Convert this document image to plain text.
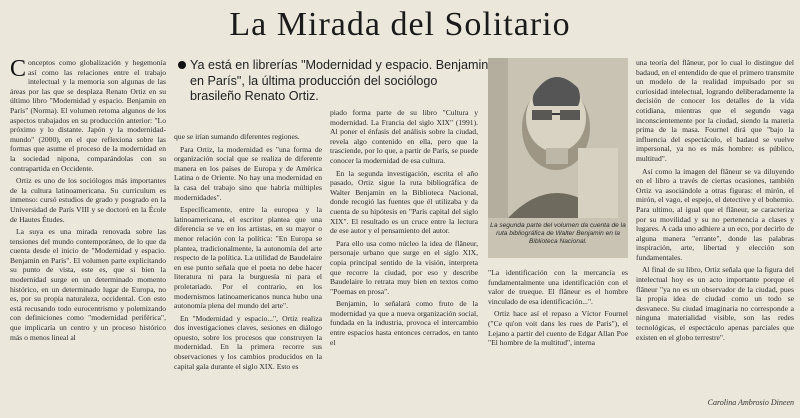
La Mirada del Solitario
Ya está en librerías "Modernidad y espacio. Benjamin en París", la última producción del sociólogo brasileño Renato Ortiz.

Conceptos como globalización y hegemonía así como las relaciones entre el trabajo intelectual y la memoria son algunas de las áreas por las que se desplaza Renato Ortiz en su último libro "Modernidad y espacio. Benjamin en París" (Norma). El volumen retoma algunos de los aspectos trabajados en su producción anterior: "Lo próximo y lo distante. Japón y la modernidad-mundo" (2000), en el que reflexiona sobre las formas que asume el proceso de la modernidad en la sociedad nipona, comparándolas con su contrapartida en Occidente.

Ortiz es uno de los sociólogos más importantes de la cultura latinoamericana. Su curriculum es inmenso: cursó estudios de grado y posgrado en la Universidad de París VIII y se doctoró en la École de Hautes Études.

La suya es una mirada renovada sobre las tensiones del mundo contemporáneo, de lo que da cuenta desde el inicio de "Modernidad y espacio. Benjamin en París". El volumen parte explicitando su punto de vista, este es, que si bien la modernidad surge en un determinado momento histórico, en un determinado lugar de Europa, no es, por su propia naturaleza, occidental. Con esto está recusando todo eurocentrismo y polemizando con definiciones como "modernidad periférica", que implicaría un centro y un proceso histórico más o menos lineal al

que se irían sumando diferentes regiones.

Para Ortiz, la modernidad es "una forma de organización social que se realiza de diferente manera en los países de Europa y de América Latina o de Oriente. No hay una modernidad en la casa del trabajo sino que habría múltiples modernidades".

Específicamente, entre la europea y la latinoamericana, el escritor plantea que una diferencia se ve en los artistas, en su mayor o menor relación con la política: "En Europa se plantea, tradicionalmente, la autonomía del arte respecto de la política. La utilidad de Baudelaire en ese punto señala que el poeta no debe hacer literatura ni para la burguesía ni para el proletariado. Por el contrario, en los modernismos latinoamericanos nunca hubo una autonomía plena del mundo del arte".

En "Modernidad y espacio...", Ortiz realiza dos investigaciones claves, sesiones en diálogo opuesto, sobre los procesos que construyen la modernidad. En la primera recorre sus observaciones y los cambios producidos en la capital gala durante el siglo XIX. Esto es

piado forma parte de su libro "Cultura y modernidad. La Francia del siglo XIX" (1991). Al poner el énfasis del análisis sobre la ciudad, revela algo contenido en ella, pero que la trasciende, por lo que, a partir de París, se puede conocer la modernidad de esa cultura.

En la segunda investigación, escrita el año pasado, Ortiz sigue la ruta bibliográfica de Walter Benjamin en la Biblioteca Nacional, donde recogió las fuentes que él utilizaba y da cuenta de su hipótesis en "París capital del siglo XIX". El resultado es un cruce entre la lectura de ese autor y el pensamiento del autor.

Para ello usa como núcleo la idea de flâneur, personaje urbano que surge en el siglo XIX, copia principal sentido de la visión, interpreta que recorre la ciudad, por eso y describe Baudelaire lo retrata muy bien en textos como "Poemas en prosa".

Benjamin, lo señalará como fruto de la modernidad ya que a nueva organización social, fundada en la industria, provoca el intercambio entre espacios hasta entonces cerrados, en tanto el

La segunda parte del volumen da cuenta de la ruta bibliográfica de Walter Benjamin en la Biblioteca Nacional.

"La identificación con la mercancía es fundamentalmente una identificación con el valor de trueque. El flâneur es el hombre vinculado de esa identificación...".

Ortiz hace así el repaso a Víctor Fournel ("Ce qu'on voit dans les rues de Paris"), el Lejano a partir del cuento de Edgar Allan Poe "El hombre de la multitud", interna

una teoría del flâneur, por lo cual lo distingue del badaud, en el entendido de que el primero transmite un modelo de la realidad impulsado por su curiosidad intelectual, logrando deliberadamente la decisión de conocer los detalles de la vida cotidiana, mientras que el segundo vaga inconscientemente por la ciudad, siendo la materia prima de la masa. Fournel dirá que "bajo la influencia del espectáculo, el badaud se vuelve impersonal, ya no es más hombre: es público, multitud".

Así como la imagen del flâneur se va diluyendo en el libro a través de ciertas ocasiones, también Ortiz va asociándole a otras figuras: el mirón, el mirón, el vago, el espejo, el detective y el bohemio. Para ultimo, al igual que el flâneur, se caracteriza por su movilidad y su no pertenencia a clases y lugares. A cada uno adhiere a un eco, por decirlo de alguna manera "errante", donde las palabras inspiración, arte, libertad y elección son fundamentales.

Al final de su libro, Ortiz señala que la figura del intelectual hoy es un acto importante porque el flâneur "ya no es un observador de la ciudad, pues la propia idea de ciudad como un todo se desvanece. Su ciudad imaginaria no corresponde a ninguna materialidad visible, son las redes tecnológicas, el espectáculo apenas parciales que existen en el globo terrestre".

Carolina Ambrosio Dineen
